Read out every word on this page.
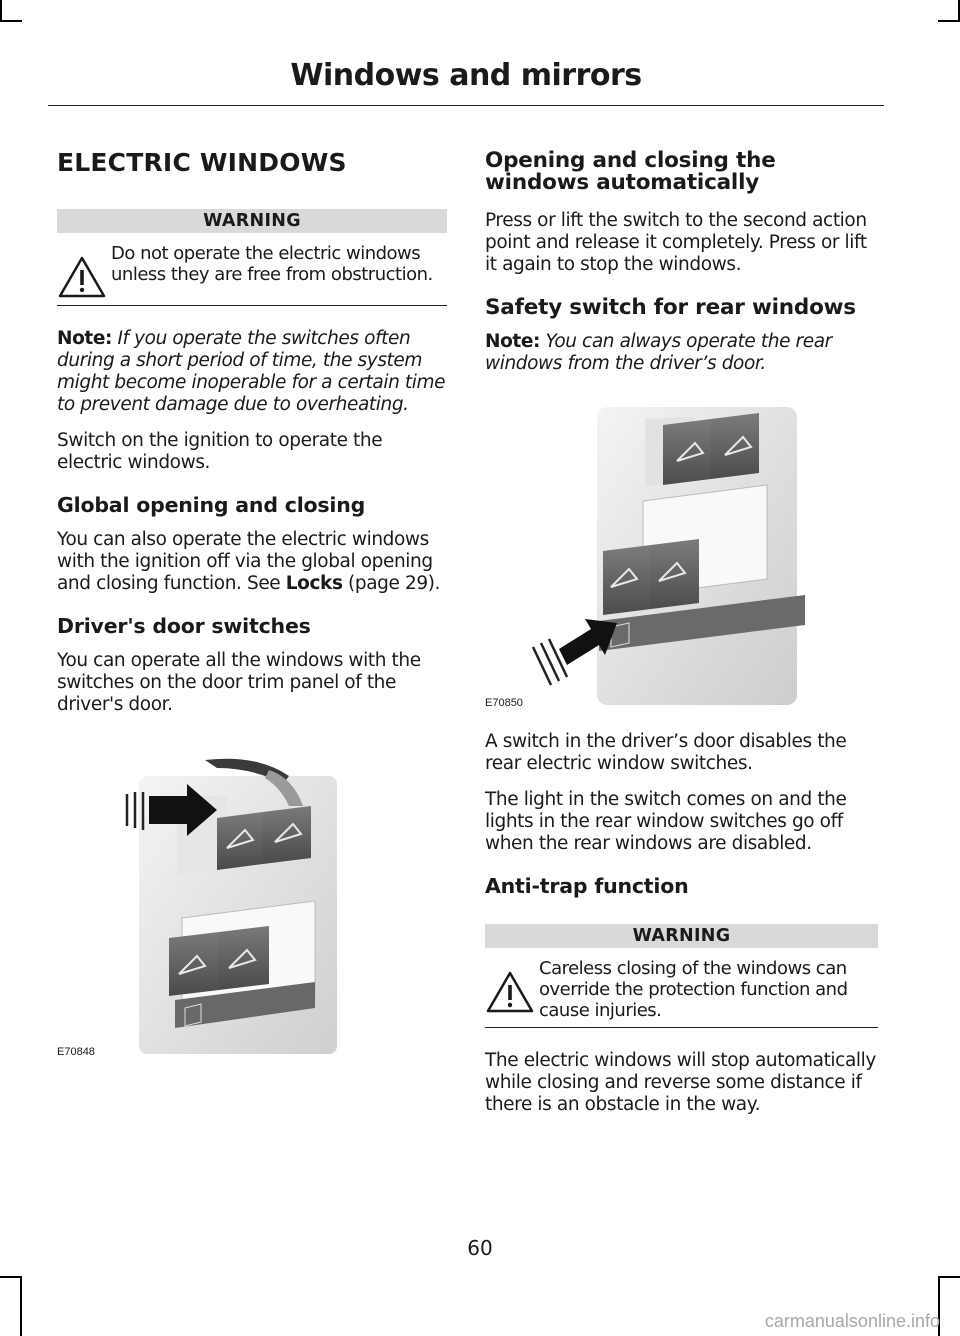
Windows and mirrors
ELECTRIC WINDOWS
WARNING

Do not operate the electric windows unless they are free from obstruction.

Note: If you operate the switches often during a short period of time, the system might become inoperable for a certain time to prevent damage due to overheating.

Switch on the ignition to operate the electric windows.

Global opening and closing

You can also operate the electric windows with the ignition off via the global opening and closing function. See Locks (page 29).

Driver's door switches

You can operate all the windows with the switches on the door trim panel of the driver's door.

E70848
Opening and closing the windows automatically

Press or lift the switch to the second action point and release it completely. Press or lift it again to stop the windows.

Safety switch for rear windows

Note: You can always operate the rear windows from the driver’s door.

E70850

A switch in the driver’s door disables the rear electric window switches.

The light in the switch comes on and the lights in the rear window switches go off when the rear windows are disabled.

Anti-trap function
WARNING

Careless closing of the windows can override the protection function and cause injuries.

The electric windows will stop automatically while closing and reverse some distance if there is an obstacle in the way.

60
carmanualsonline.info
